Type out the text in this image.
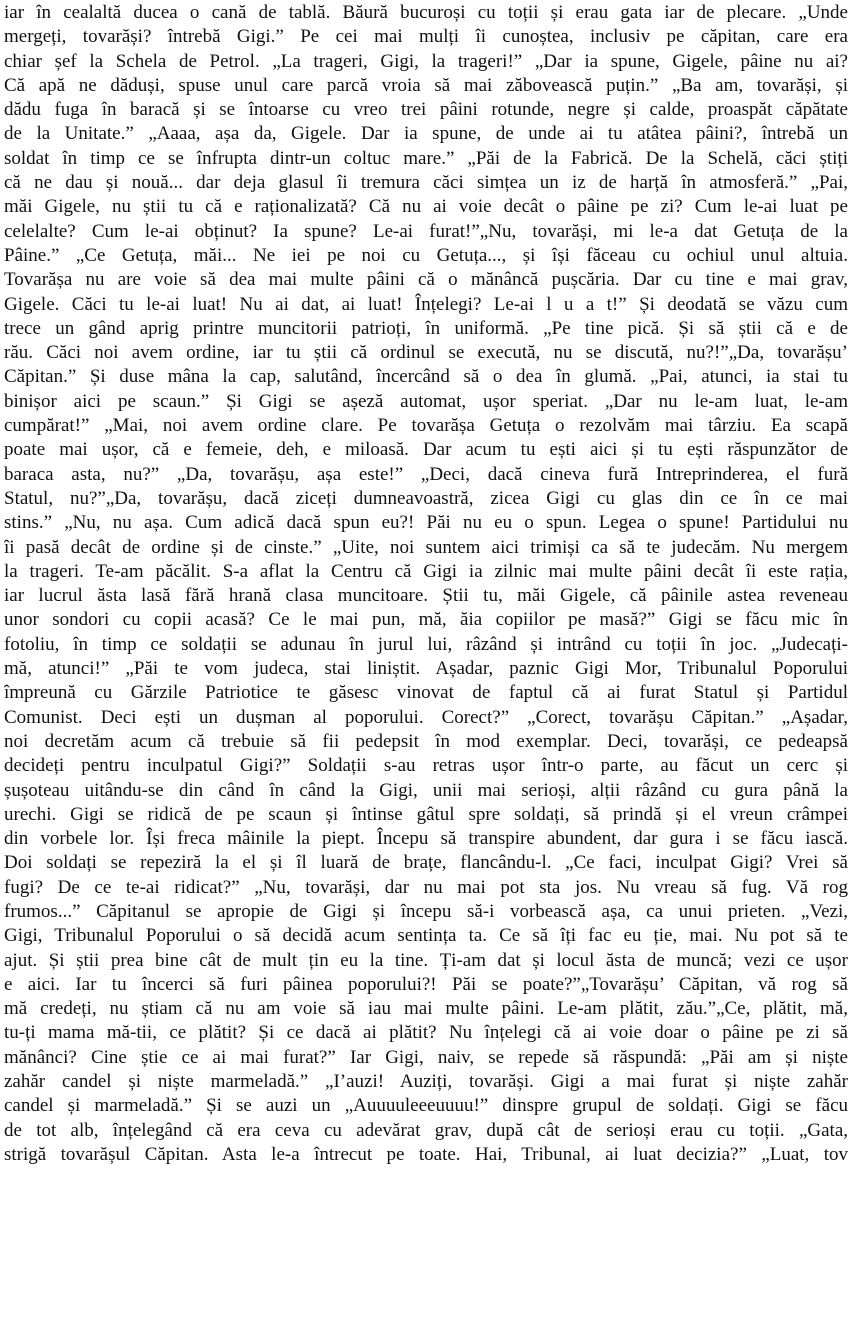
iar în cealaltă ducea o cană de tablă. Băură bucuroși cu toții și erau gata iar de plecare. „Unde
mergeți, tovarăși? întrebă Gigi.” Pe cei mai mulți îi cunoștea, inclusiv pe căpitan, care era
chiar șef la Schela de Petrol. „La trageri, Gigi, la trageri!” „Dar ia spune, Gigele, pâine nu ai?
Că apă ne dăduși, spuse unul care parcă vroia să mai zăbovească puțin.” „Ba am, tovarăși, și
dădu fuga în baracă și se întoarse cu vreo trei pâini rotunde, negre și calde, proaspăt căpătate
de la Unitate.” „Aaaa, așa da, Gigele. Dar ia spune, de unde ai tu atâtea pâini?, întrebă un
soldat în timp ce se înfrupta dintr-un coltuc mare.” „Păi de la Fabrică. De la Schelă, căci știți
că ne dau și nouă... dar deja glasul îi tremura căci simțea un iz de harță în atmosferă.” „Pai,
măi Gigele, nu știi tu că e raționalizată? Că nu ai voie decât o pâine pe zi? Cum le-ai luat pe
celelalte? Cum le-ai obținut? Ia spune? Le-ai furat!”„Nu, tovarăși, mi le-a dat Getuța de la
Pâine.” „Ce Getuța, măi... Ne iei pe noi cu Getuța..., și își făceau cu ochiul unul altuia.
Tovarășa nu are voie să dea mai multe pâini că o mănâncă pușcăria. Dar cu tine e mai grav,
Gigele. Căci tu le-ai luat! Nu ai dat, ai luat! Înțelegi? Le-ai l u a t!” Și deodată se văzu cum
trece un gând aprig printre muncitorii patrioți, în uniformă. „Pe tine pică. Și să știi că e de
rău. Căci noi avem ordine, iar tu știi că ordinul se execută, nu se discută, nu?!”„Da, tovarășu’
Căpitan.” Și duse mâna la cap, salutând, încercând să o dea în glumă. „Pai, atunci, ia stai tu
binișor aici pe scaun.” Și Gigi se așeză automat, ușor speriat. „Dar nu le-am luat, le-am
cumpărat!” „Mai, noi avem ordine clare. Pe tovarășa Getuța o rezolvăm mai târziu. Ea scapă
poate mai ușor, că e femeie, deh, e miloasă. Dar acum tu ești aici și tu ești răspunzător de
baraca asta, nu?” „Da, tovarășu, așa este!” „Deci, dacă cineva fură Intreprinderea, el fură
Statul, nu?”„Da, tovarășu, dacă ziceți dumneavoastră, zicea Gigi cu glas din ce în ce mai
stins.” „Nu, nu așa. Cum adică dacă spun eu?! Păi nu eu o spun. Legea o spune! Partidului nu
îi pasă decât de ordine și de cinste.” „Uite, noi suntem aici trimiși ca să te judecăm. Nu mergem
la trageri. Te-am păcălit. S-a aflat la Centru că Gigi ia zilnic mai multe pâini decât îi este rația,
iar lucrul ăsta lasă fără hrană clasa muncitoare. Știi tu, măi Gigele, că pâinile astea reveneau
unor sondori cu copii acasă? Ce le mai pun, mă, ăia copiilor pe masă?” Gigi se făcu mic în
fotoliu, în timp ce soldații se adunau în jurul lui, râzând și intrând cu toții în joc. „Judecați-
mă, atunci!” „Păi te vom judeca, stai liniștit. Așadar, paznic Gigi Mor, Tribunalul Poporului
împreună cu Gărzile Patriotice te găsesc vinovat de faptul că ai furat Statul și Partidul
Comunist. Deci ești un dușman al poporului. Corect?” „Corect, tovarășu Căpitan.” „Așadar,
noi decretăm acum că trebuie să fii pedepsit în mod exemplar. Deci, tovarăși, ce pedeapsă
decideți pentru inculpatul Gigi?” Soldații s-au retras ușor într-o parte, au făcut un cerc și
șușoteau uitându-se din când în când la Gigi, unii mai serioși, alții râzând cu gura până la
urechi. Gigi se ridică de pe scaun și întinse gâtul spre soldați, să prindă și el vreun crâmpei
din vorbele lor. Își freca mâinile la piept. Începu să transpire abundent, dar gura i se făcu iască.
Doi soldați se repeziră la el și îl luară de brațe, flancându-l. „Ce faci, inculpat Gigi? Vrei să
fugi? De ce te-ai ridicat?” „Nu, tovarăși, dar nu mai pot sta jos. Nu vreau să fug. Vă rog
frumos...” Căpitanul se apropie de Gigi și începu să-i vorbească așa, ca unui prieten. „Vezi,
Gigi, Tribunalul Poporului o să decidă acum sentința ta. Ce să îți fac eu ție, mai. Nu pot să te
ajut. Și știi prea bine cât de mult țin eu la tine. Ți-am dat și locul ăsta de muncă; vezi ce ușor
e aici. Iar tu încerci să furi pâinea poporului?! Păi se poate?”„Tovarășu’ Căpitan, vă rog să
mă credeți, nu știam că nu am voie să iau mai multe pâini. Le-am plătit, zău.”„Ce, plătit, mă,
tu-ți mama mă-tii, ce plătit? Și ce dacă ai plătit? Nu înțelegi că ai voie doar o pâine pe zi să
mănânci? Cine știe ce ai mai furat?” Iar Gigi, naiv, se repede să răspundă: „Păi am și niște
zahăr candel și niște marmeladă.” „I’auzi! Auziți, tovarăși. Gigi a mai furat și niște zahăr
candel și marmeladă.” Și se auzi un „Auuuuleeeuuuu!” dinspre grupul de soldați. Gigi se făcu
de tot alb, înțelegând că era ceva cu adevărat grav, după cât de serioși erau cu toții. „Gata,
strigă tovarășul Căpitan. Asta le-a întrecut pe toate. Hai, Tribunal, ai luat decizia?” „Luat, tov
